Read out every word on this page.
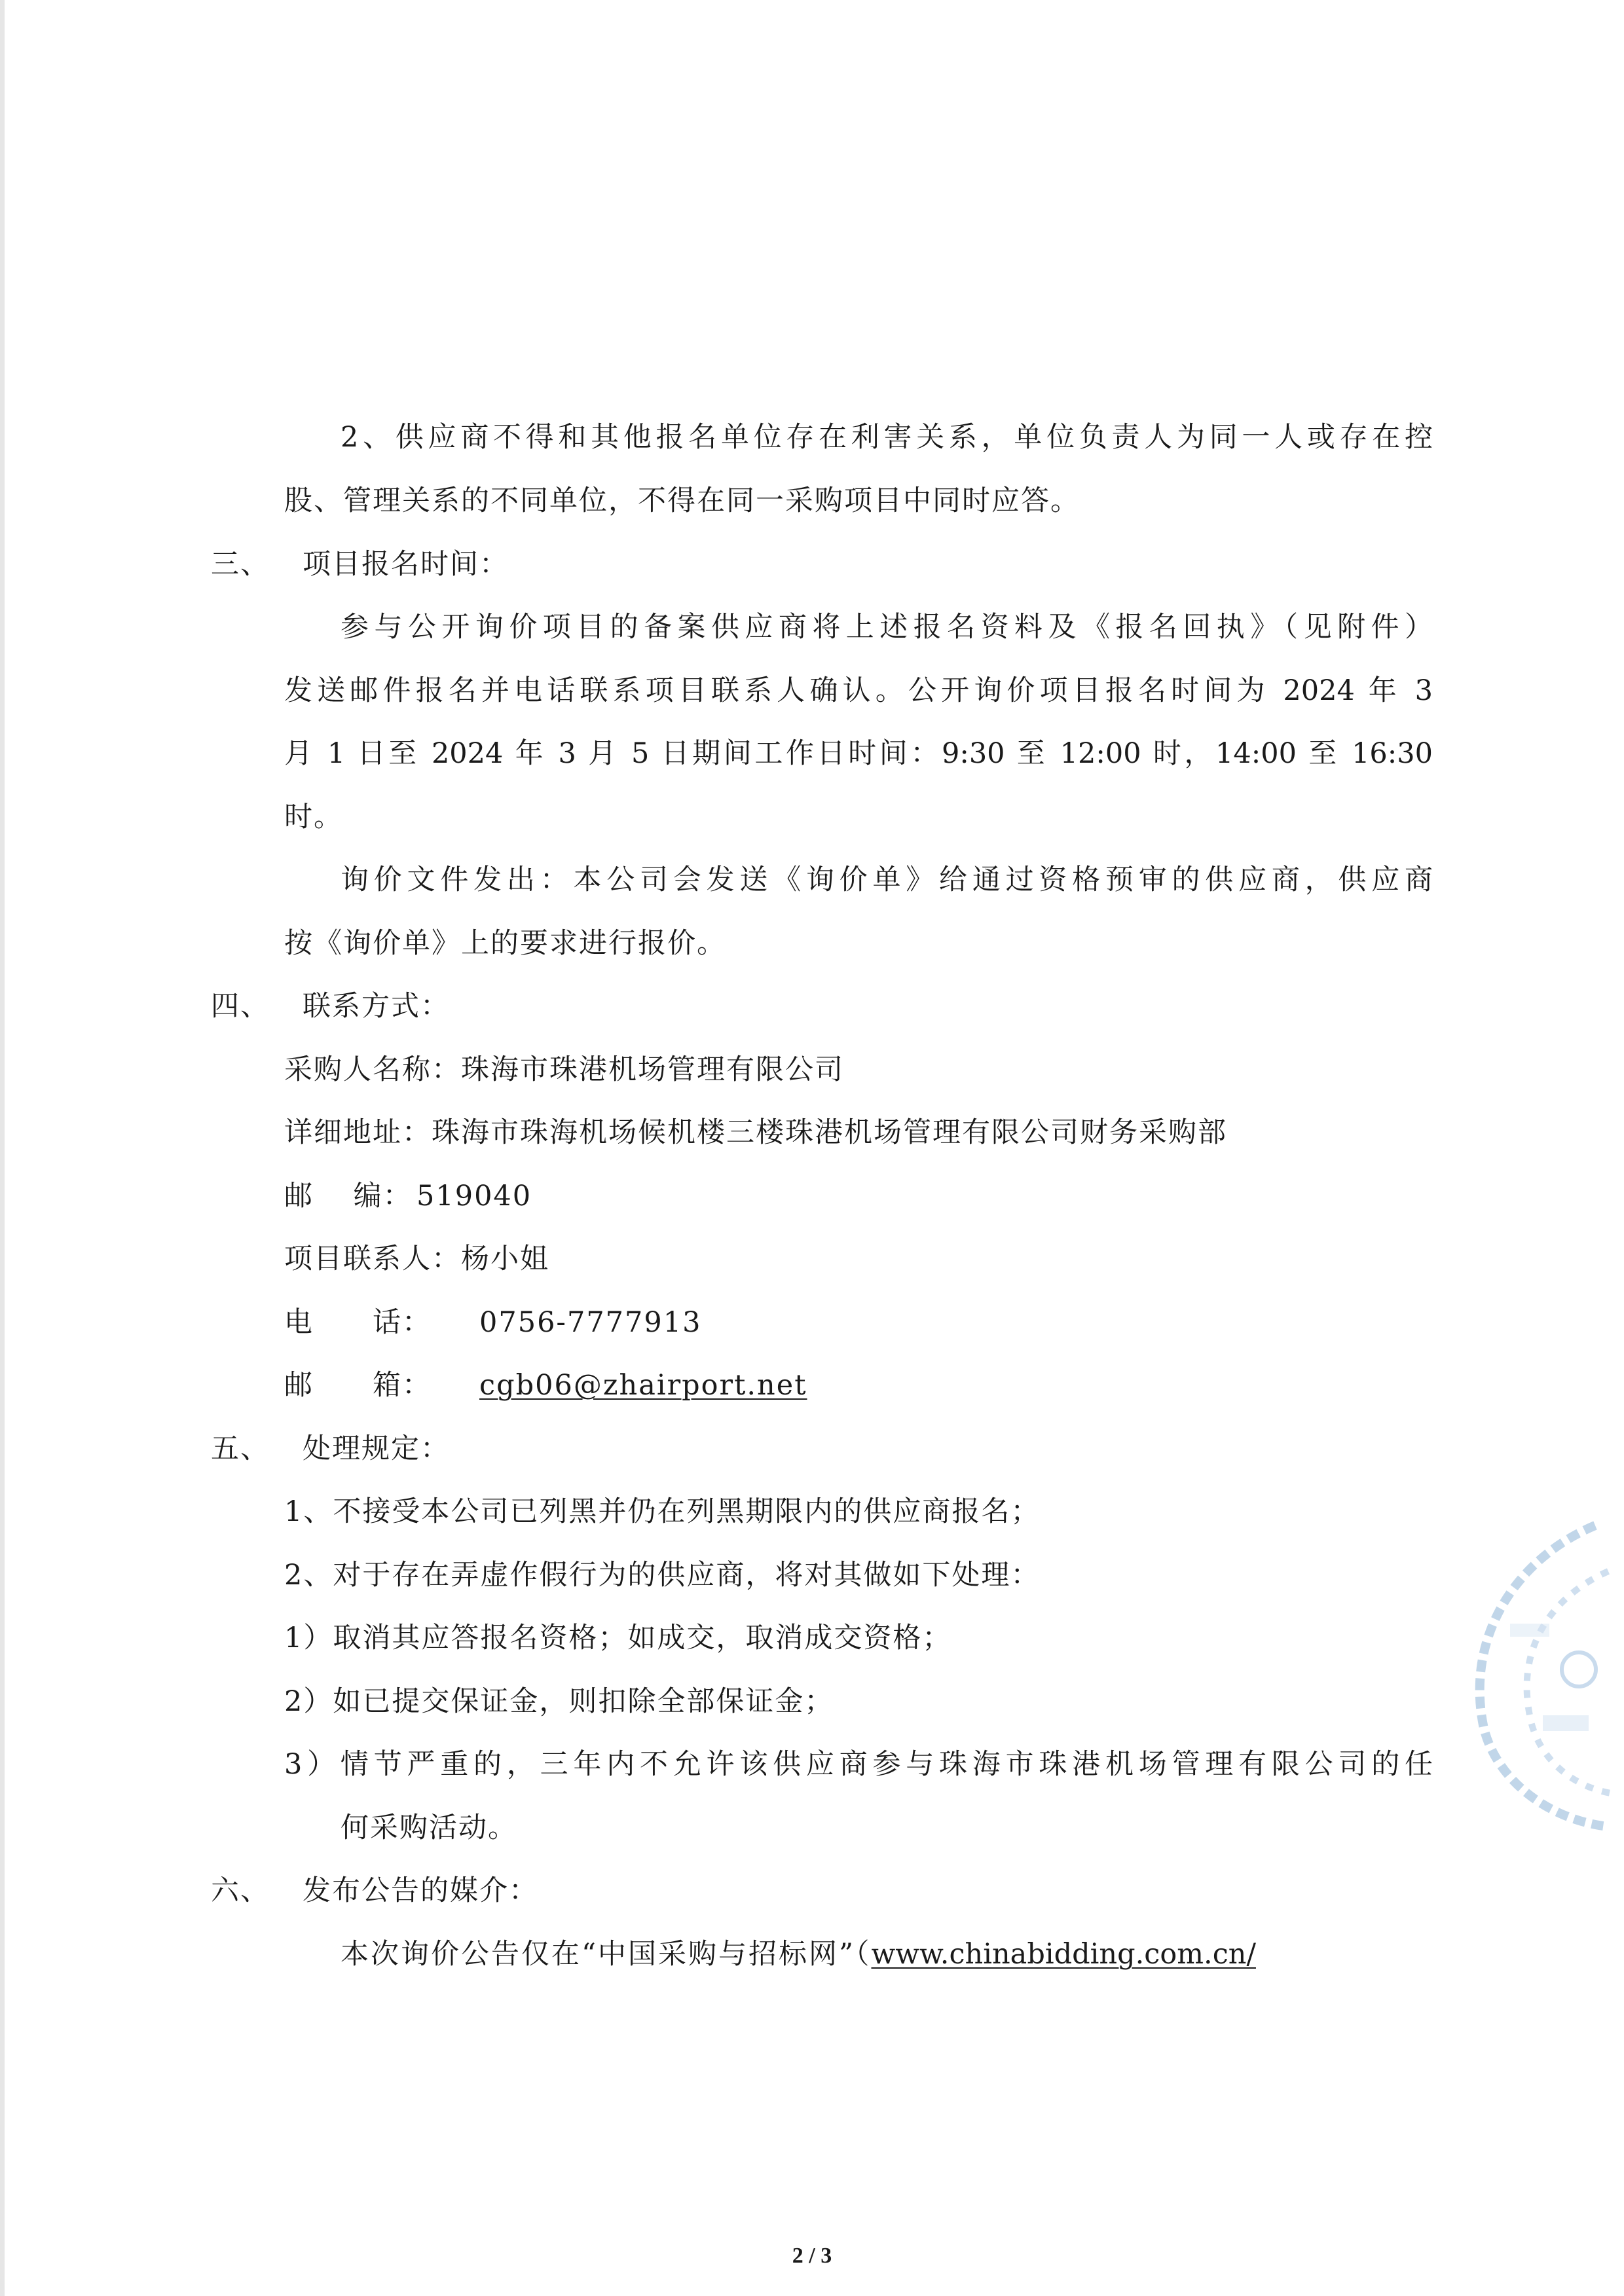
2、供应商不得和其他报名单位存在利害关系，单位负责人为同一人或存在控
股、管理关系的不同单位，不得在同一采购项目中同时应答。
三、 项目报名时间：
参与公开询价项目的备案供应商将上述报名资料及《报名回执》（见附件）
发送邮件报名并电话联系项目联系人确认。公开询价项目报名时间为 2024 年 3
月 1 日至 2024 年 3 月 5 日期间工作日时间：9:30 至 12:00 时，14:00 至 16:30
时。
询价文件发出：本公司会发送《询价单》给通过资格预审的供应商，供应商
按《询价单》上的要求进行报价。
四、 联系方式：
采购人名称：珠海市珠港机场管理有限公司
详细地址：珠海市珠海机场候机楼三楼珠港机场管理有限公司财务采购部
邮　 编： 519040
项目联系人：杨小姐
电　　话： 0756-7777913
邮　　箱： cgb06@zhairport.net
五、 处理规定：
1、不接受本公司已列黑并仍在列黑期限内的供应商报名；
2、对于存在弄虚作假行为的供应商，将对其做如下处理：
1）取消其应答报名资格；如成交，取消成交资格；
2）如已提交保证金，则扣除全部保证金；
3）情节严重的，三年内不允许该供应商参与珠海市珠港机场管理有限公司的任
何采购活动。
六、 发布公告的媒介：
本次询价公告仅在“中国采购与招标网”（www.chinabidding.com.cn/
2 / 3
